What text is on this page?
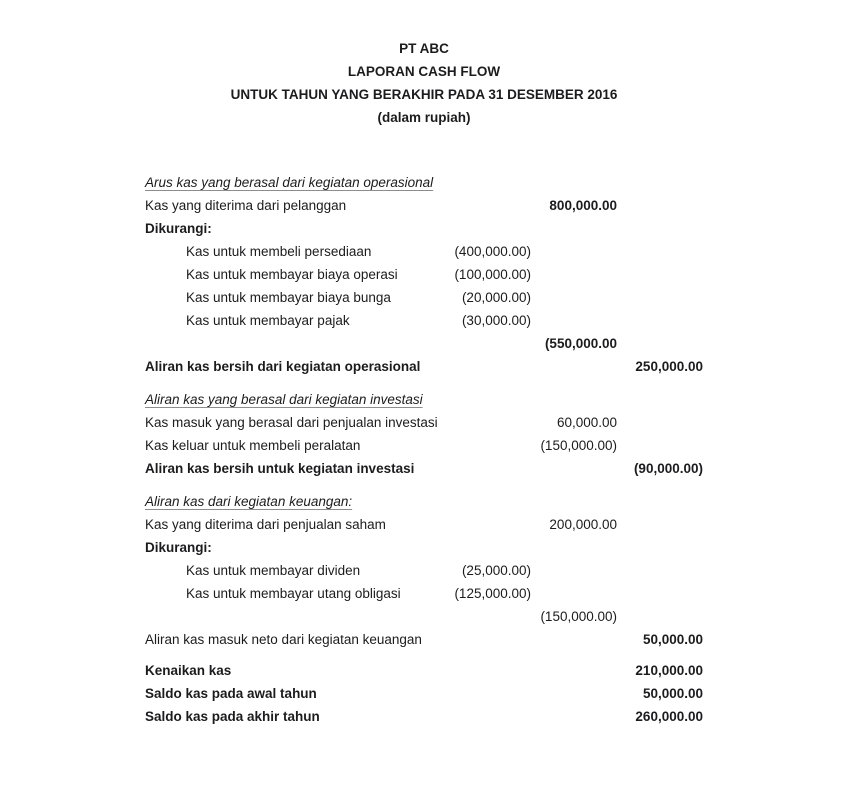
PT ABC
LAPORAN CASH FLOW
UNTUK TAHUN YANG BERAKHIR PADA 31 DESEMBER 2016
(dalam rupiah)
Arus kas yang berasal dari kegiatan operasional
Kas yang diterima dari pelanggan	800,000.00
Dikurangi:
Kas untuk membeli persediaan	(400,000.00)
Kas untuk membayar biaya operasi	(100,000.00)
Kas untuk membayar biaya bunga	(20,000.00)
Kas untuk membayar pajak	(30,000.00)
(550,000.00
Aliran kas bersih dari kegiatan operasional	250,000.00
Aliran kas yang berasal dari kegiatan investasi
Kas masuk yang berasal dari penjualan investasi	60,000.00
Kas keluar untuk membeli peralatan	(150,000.00)
Aliran kas bersih untuk kegiatan investasi	(90,000.00)
Aliran kas dari kegiatan keuangan:
Kas yang diterima dari penjualan saham	200,000.00
Dikurangi:
Kas untuk membayar dividen	(25,000.00)
Kas untuk membayar utang obligasi	(125,000.00)
(150,000.00)
Aliran kas masuk neto dari kegiatan keuangan	50,000.00
Kenaikan kas	210,000.00
Saldo kas pada awal tahun	50,000.00
Saldo kas pada akhir tahun	260,000.00
